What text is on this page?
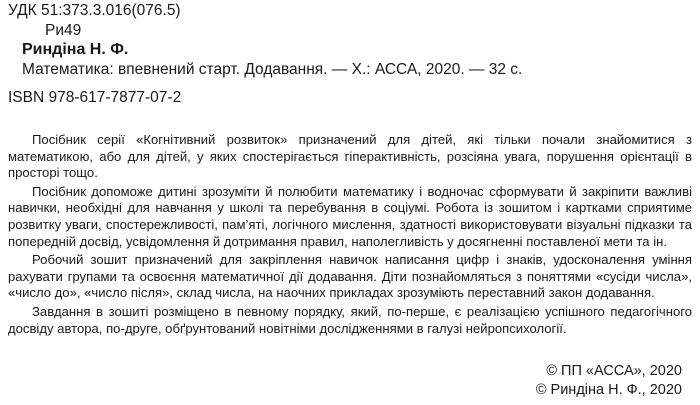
УДК 51:373.3.016(076.5)
Ри49
Риндіна Н. Ф.
Математика: впевнений старт. Додавання. — Х.: АССА, 2020. — 32 с.
ISBN 978-617-7877-07-2

Посібник серії «Когнітивний розвиток» призначений для дітей, які тільки почали знайомитися з математикою, або для дітей, у яких спостерігається гіперактивність, розсіяна увага, порушення орієнтації в просторі тощо.

Посібник допоможе дитині зрозуміти й полюбити математику і водночас сформувати й закріпити важливі навички, необхідні для навчання у школі та перебування в соціумі. Робота із зошитом і картками сприятиме розвитку уваги, спостережливості, пам’яті, логічного мислення, здатності використовувати візуальні підказки та попередній досвід, усвідомлення й дотримання правил, наполегливість у досягненні поставленої мети та ін.

Робочий зошит призначений для закріплення навичок написання цифр і знаків, удосконалення уміння рахувати групами та освоєння математичної дії додавання. Діти познайомляться з поняттями «сусіди числа», «число до», «число після», склад числа, на наочних прикладах зрозуміють переставний закон додавання.

Завдання в зошиті розміщено в певному порядку, який, по-перше, є реалізацією успішного педагогічного досвіду автора, по-друге, обґрунтований новітніми дослідженнями в галузі нейропсихології.

© ПП «АССА», 2020
© Риндіна Н. Ф., 2020
